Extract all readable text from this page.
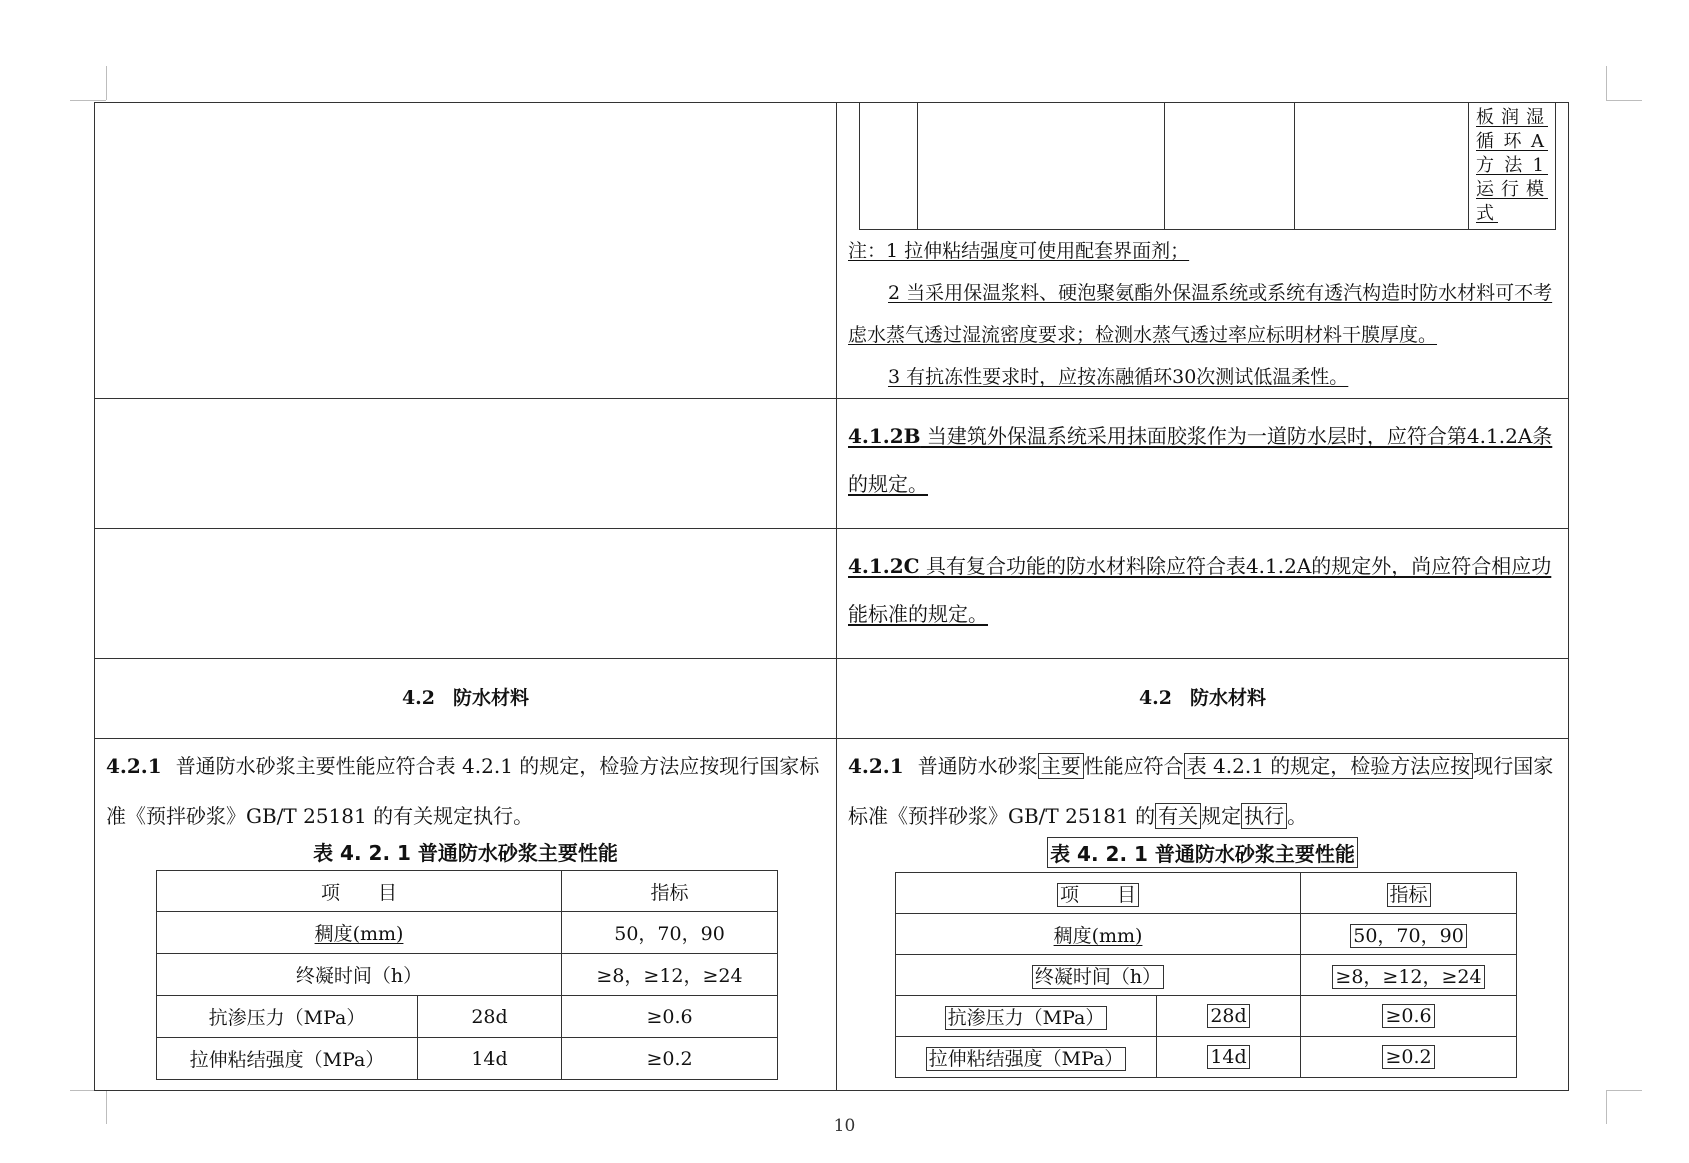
板润湿循环A方法1运行模式

注：1 拉伸粘结强度可使用配套界面剂；

2 当采用保温浆料、硬泡聚氨酯外保温系统或系统有透汽构造时防水材料可不考虑水蒸气透过湿流密度要求；检测水蒸气透过率应标明材料干膜厚度。

3 有抗冻性要求时，应按冻融循环30次测试低温柔性。

4.1.2B 当建筑外保温系统采用抹面胶浆作为一道防水层时，应符合第4.1.2A条的规定。

4.1.2C 具有复合功能的防水材料除应符合表4.1.2A的规定外，尚应符合相应功能标准的规定。

4.2 防水材料	4.2 防水材料

4.2.1 普通防水砂浆主要性能应符合表 4.2.1 的规定，检验方法应按现行国家标准《预拌砂浆》GB/T 25181 的有关规定执行。

表 4. 2. 1 普通防水砂浆主要性能
项　　目	指标
稠度(mm)	50，70，90
终凝时间（h）	≥8，≥12，≥24
抗渗压力（MPa）	28d	≥0.6
拉伸粘结强度（MPa）	14d	≥0.2

4.2.1 普通防水砂浆 主要 性能应符合 表 4.2.1 的规定，检验方法应按 现行国家标准《预拌砂浆》GB/T 25181 的 有关 规定 执行 。

表 4. 2. 1 普通防水砂浆主要性能
项　　目	指标
稠度(mm)	50，70，90
终凝时间（h）	≥8，≥12，≥24
抗渗压力（MPa）	28d	≥0.6
拉伸粘结强度（MPa）	14d	≥0.2
10
